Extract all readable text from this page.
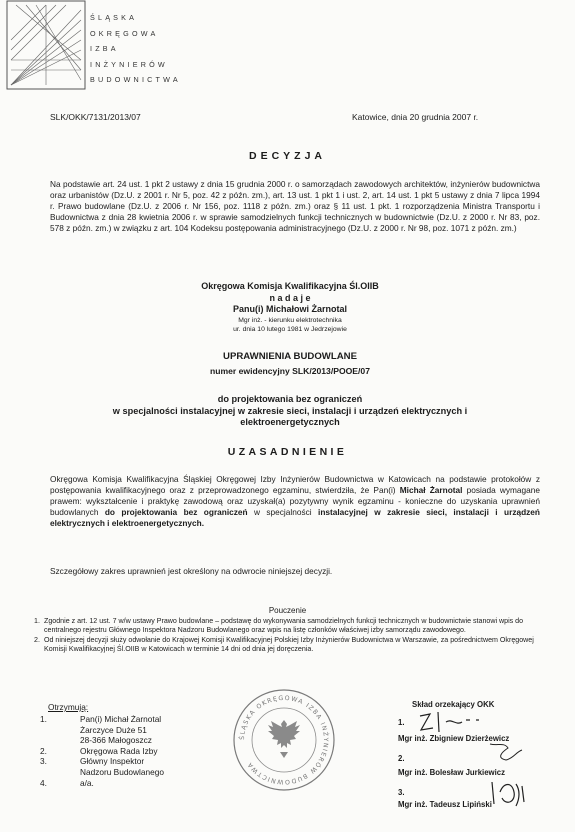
ŚLĄSKA
OKRĘGOWA
IZBA
INŻYNIERÓW
BUDOWNICTWA
SLK/OKK/7131/2013/07	Katowice, dnia 20 grudnia 2007 r.
DECYZJA
Na podstawie art. 24 ust. 1 pkt 2 ustawy z dnia 15 grudnia 2000 r. o samorządach zawodowych architektów, inżynierów budownictwa oraz urbanistów (Dz.U. z 2001 r. Nr 5, poz. 42 z późn. zm.), art. 13 ust. 1 pkt 1 i ust. 2, art. 14 ust. 1 pkt 5 ustawy z dnia 7 lipca 1994 r. Prawo budowlane (Dz.U. z 2006 r. Nr 156, poz. 1118 z późn. zm.) oraz § 11 ust. 1 pkt. 1 rozporządzenia Ministra Transportu i Budownictwa z dnia 28 kwietnia 2006 r. w sprawie samodzielnych funkcji technicznych w budownictwie (Dz.U. z 2000 r. Nr 83, poz. 578 z późn. zm.) w związku z art. 104 Kodeksu postępowania administracyjnego (Dz.U. z 2000 r. Nr 98, poz. 1071 z późn. zm.)
Okręgowa Komisja Kwalifikacyjna Śl.OIIB
n a d a j e
Panu(i) Michałowi Żarnotal
Mgr inż. - kierunku elektrotechnika
ur. dnia 10 lutego 1981 w Jedrzejowie
UPRAWNIENIA BUDOWLANE
numer ewidencyjny SLK/2013/POOE/07
do projektowania bez ograniczeń
w specjalności instalacyjnej w zakresie sieci, instalacji i urządzeń elektrycznych i
elektroenergetycznych
UZASADNIENIE
Okręgowa Komisja Kwalifikacyjna Śląskiej Okręgowej Izby Inżynierów Budownictwa w Katowicach na podstawie protokołów z postępowania kwalifikacyjnego oraz z przeprowadzonego egzaminu, stwierdziła, że Pan(i) Michał Żarnotal posiada wymagane prawem: wykształcenie i praktykę zawodową oraz uzyskał(a) pozytywny wynik egzaminu - konieczne do uzyskania uprawnień budowlanych do projektowania bez ograniczeń w specjalności instalacyjnej w zakresie sieci, instalacji i urządzeń elektrycznych i elektroenergetycznych.
Szczegółowy zakres uprawnień jest określony na odwrocie niniejszej decyzji.
Pouczenie
1. Zgodnie z art. 12 ust. 7 w/w ustawy Prawo budowlane – podstawę do wykonywania samodzielnych funkcji technicznych w budownictwie stanowi wpis do centralnego rejestru Głównego Inspektora Nadzoru Budowlanego oraz wpis na listę członków właściwej izby samorządu zawodowego.
2. Od niniejszej decyzji służy odwołanie do Krajowej Komisji Kwalifikacyjnej Polskiej Izby Inżynierów Budownictwa w Warszawie, za pośrednictwem Okręgowej Komisji Kwalifikacyjnej Śl.OIIB w Katowicach w terminie 14 dni od dnia jej doręczenia.
Otrzymują:
1.	Pan(i) Michał Żarnotal
Żarczyce Duże 51
28-366 Małogoszcz
2.	Okręgowa Rada Izby
3.	Główny Inspektor
Nadzoru Budowlanego
4.	a/a.
ŚLĄSKA OKRĘGOWA IZBA INŻYNIERÓW BUDOWNICTWA
Skład orzekający OKK
1.
Mgr inż. Zbigniew Dzierżewicz
2.
Mgr inż. Bolesław Jurkiewicz
3.
Mgr inż. Tadeusz Lipiński
